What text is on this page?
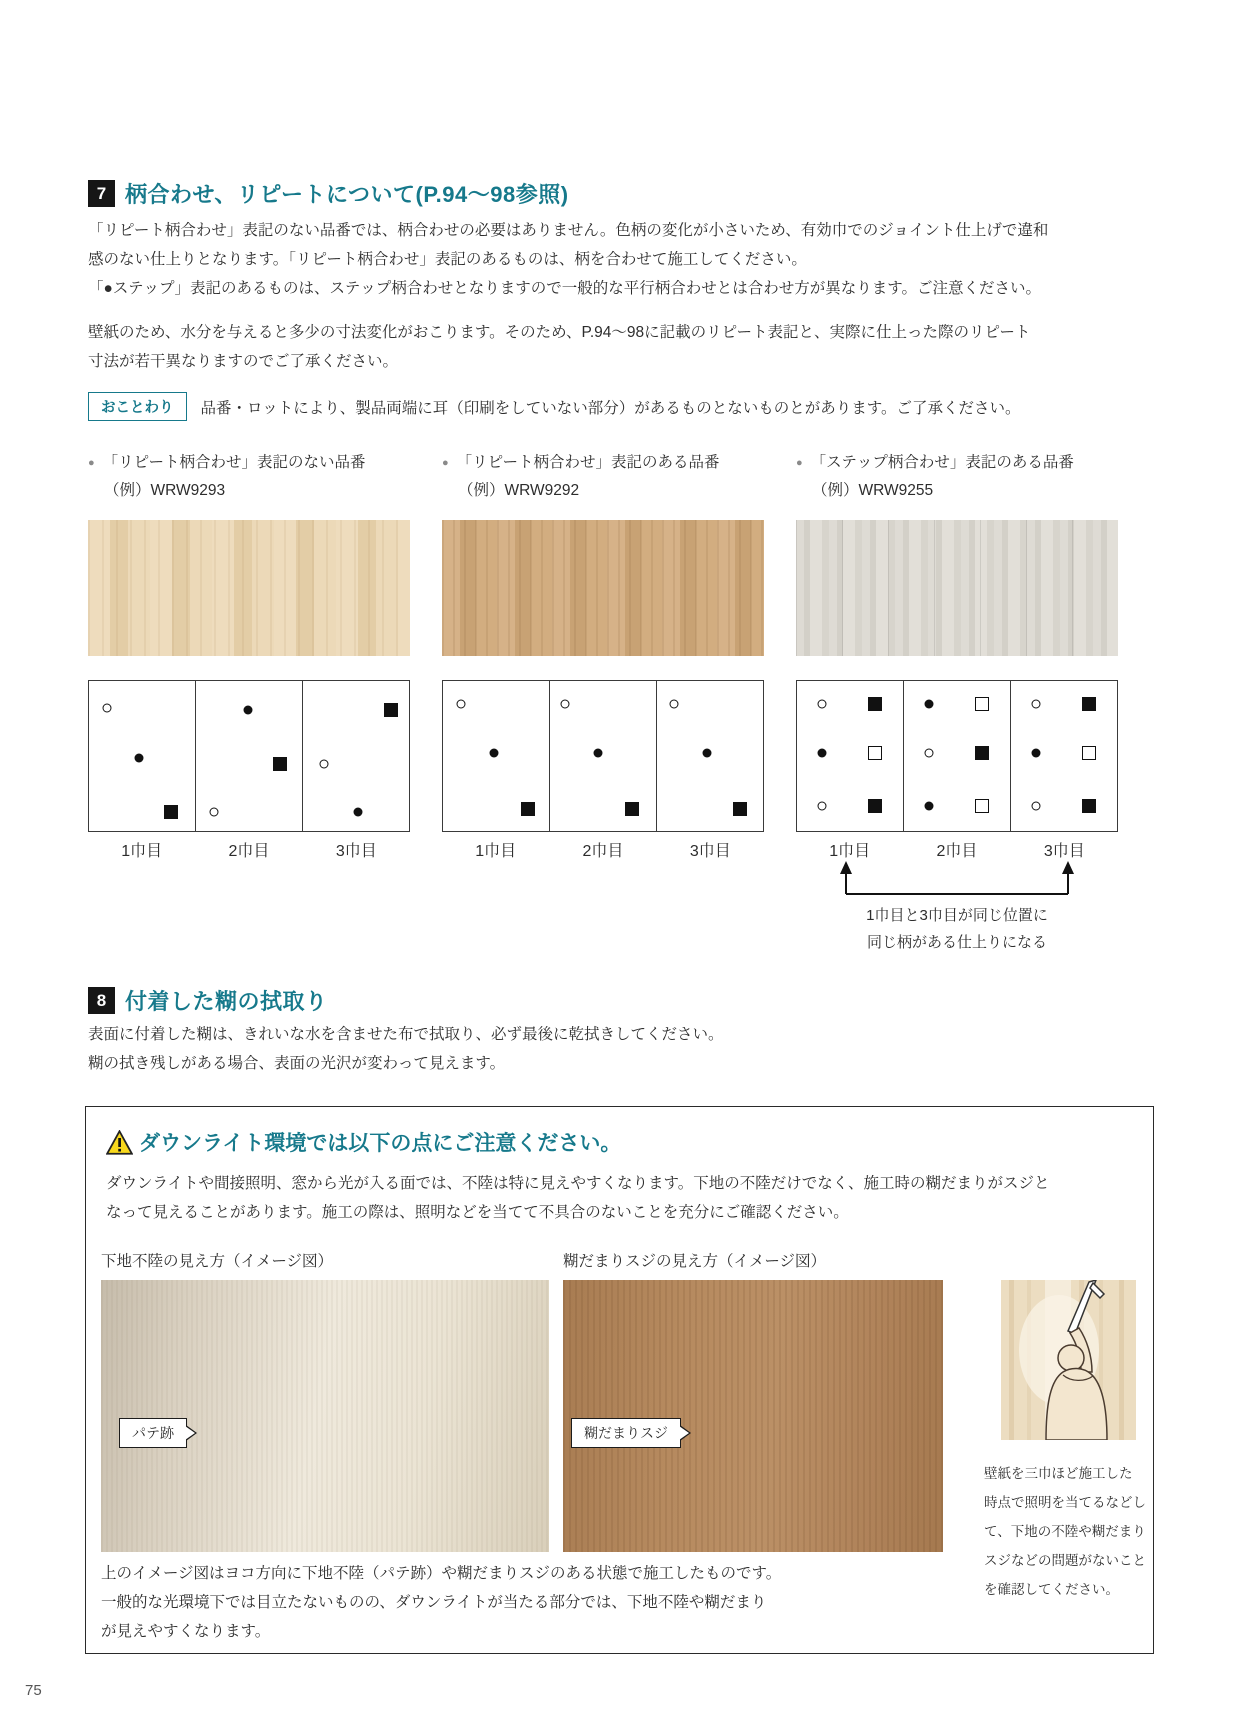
7 柄合わせ、リピートについて(P.94〜98参照)
「リピート柄合わせ」表記のない品番では、柄合わせの必要はありません。色柄の変化が小さいため、有効巾でのジョイント仕上げで違和
感のない仕上りとなります。「リピート柄合わせ」表記のあるものは、柄を合わせて施工してください。
「●ステップ」表記のあるものは、ステップ柄合わせとなりますので一般的な平行柄合わせとは合わせ方が異なります。ご注意ください。
壁紙のため、水分を与えると多少の寸法変化がおこります。そのため、P.94〜98に記載のリピート表記と、実際に仕上った際のリピート
寸法が若干異なりますのでご了承ください。
おことわり	品番・ロットにより、製品両端に耳（印刷をしていない部分）があるものとないものとがあります。ご了承ください。
● 「リピート柄合わせ」表記のない品番
（例）WRW9293
1巾目	2巾目	3巾目
● 「リピート柄合わせ」表記のある品番
（例）WRW9292
1巾目	2巾目	3巾目
● 「ステップ柄合わせ」表記のある品番
（例）WRW9255
1巾目	2巾目	3巾目
1巾目と3巾目が同じ位置に
同じ柄がある仕上りになる
8 付着した糊の拭取り
表面に付着した糊は、きれいな水を含ませた布で拭取り、必ず最後に乾拭きしてください。
糊の拭き残しがある場合、表面の光沢が変わって見えます。
ダウンライト環境では以下の点にご注意ください。
ダウンライトや間接照明、窓から光が入る面では、不陸は特に見えやすくなります。下地の不陸だけでなく、施工時の糊だまりがスジと
なって見えることがあります。施工の際は、照明などを当てて不具合のないことを充分にご確認ください。
下地不陸の見え方（イメージ図）	糊だまりスジの見え方（イメージ図）
パテ跡	糊だまりスジ
壁紙を三巾ほど施工した
時点で照明を当てるなどし
て、下地の不陸や糊だまり
スジなどの問題がないこと
を確認してください。
上のイメージ図はヨコ方向に下地不陸（パテ跡）や糊だまりスジのある状態で施工したものです。
一般的な光環境下では目立たないものの、ダウンライトが当たる部分では、下地不陸や糊だまり
が見えやすくなります。
75
